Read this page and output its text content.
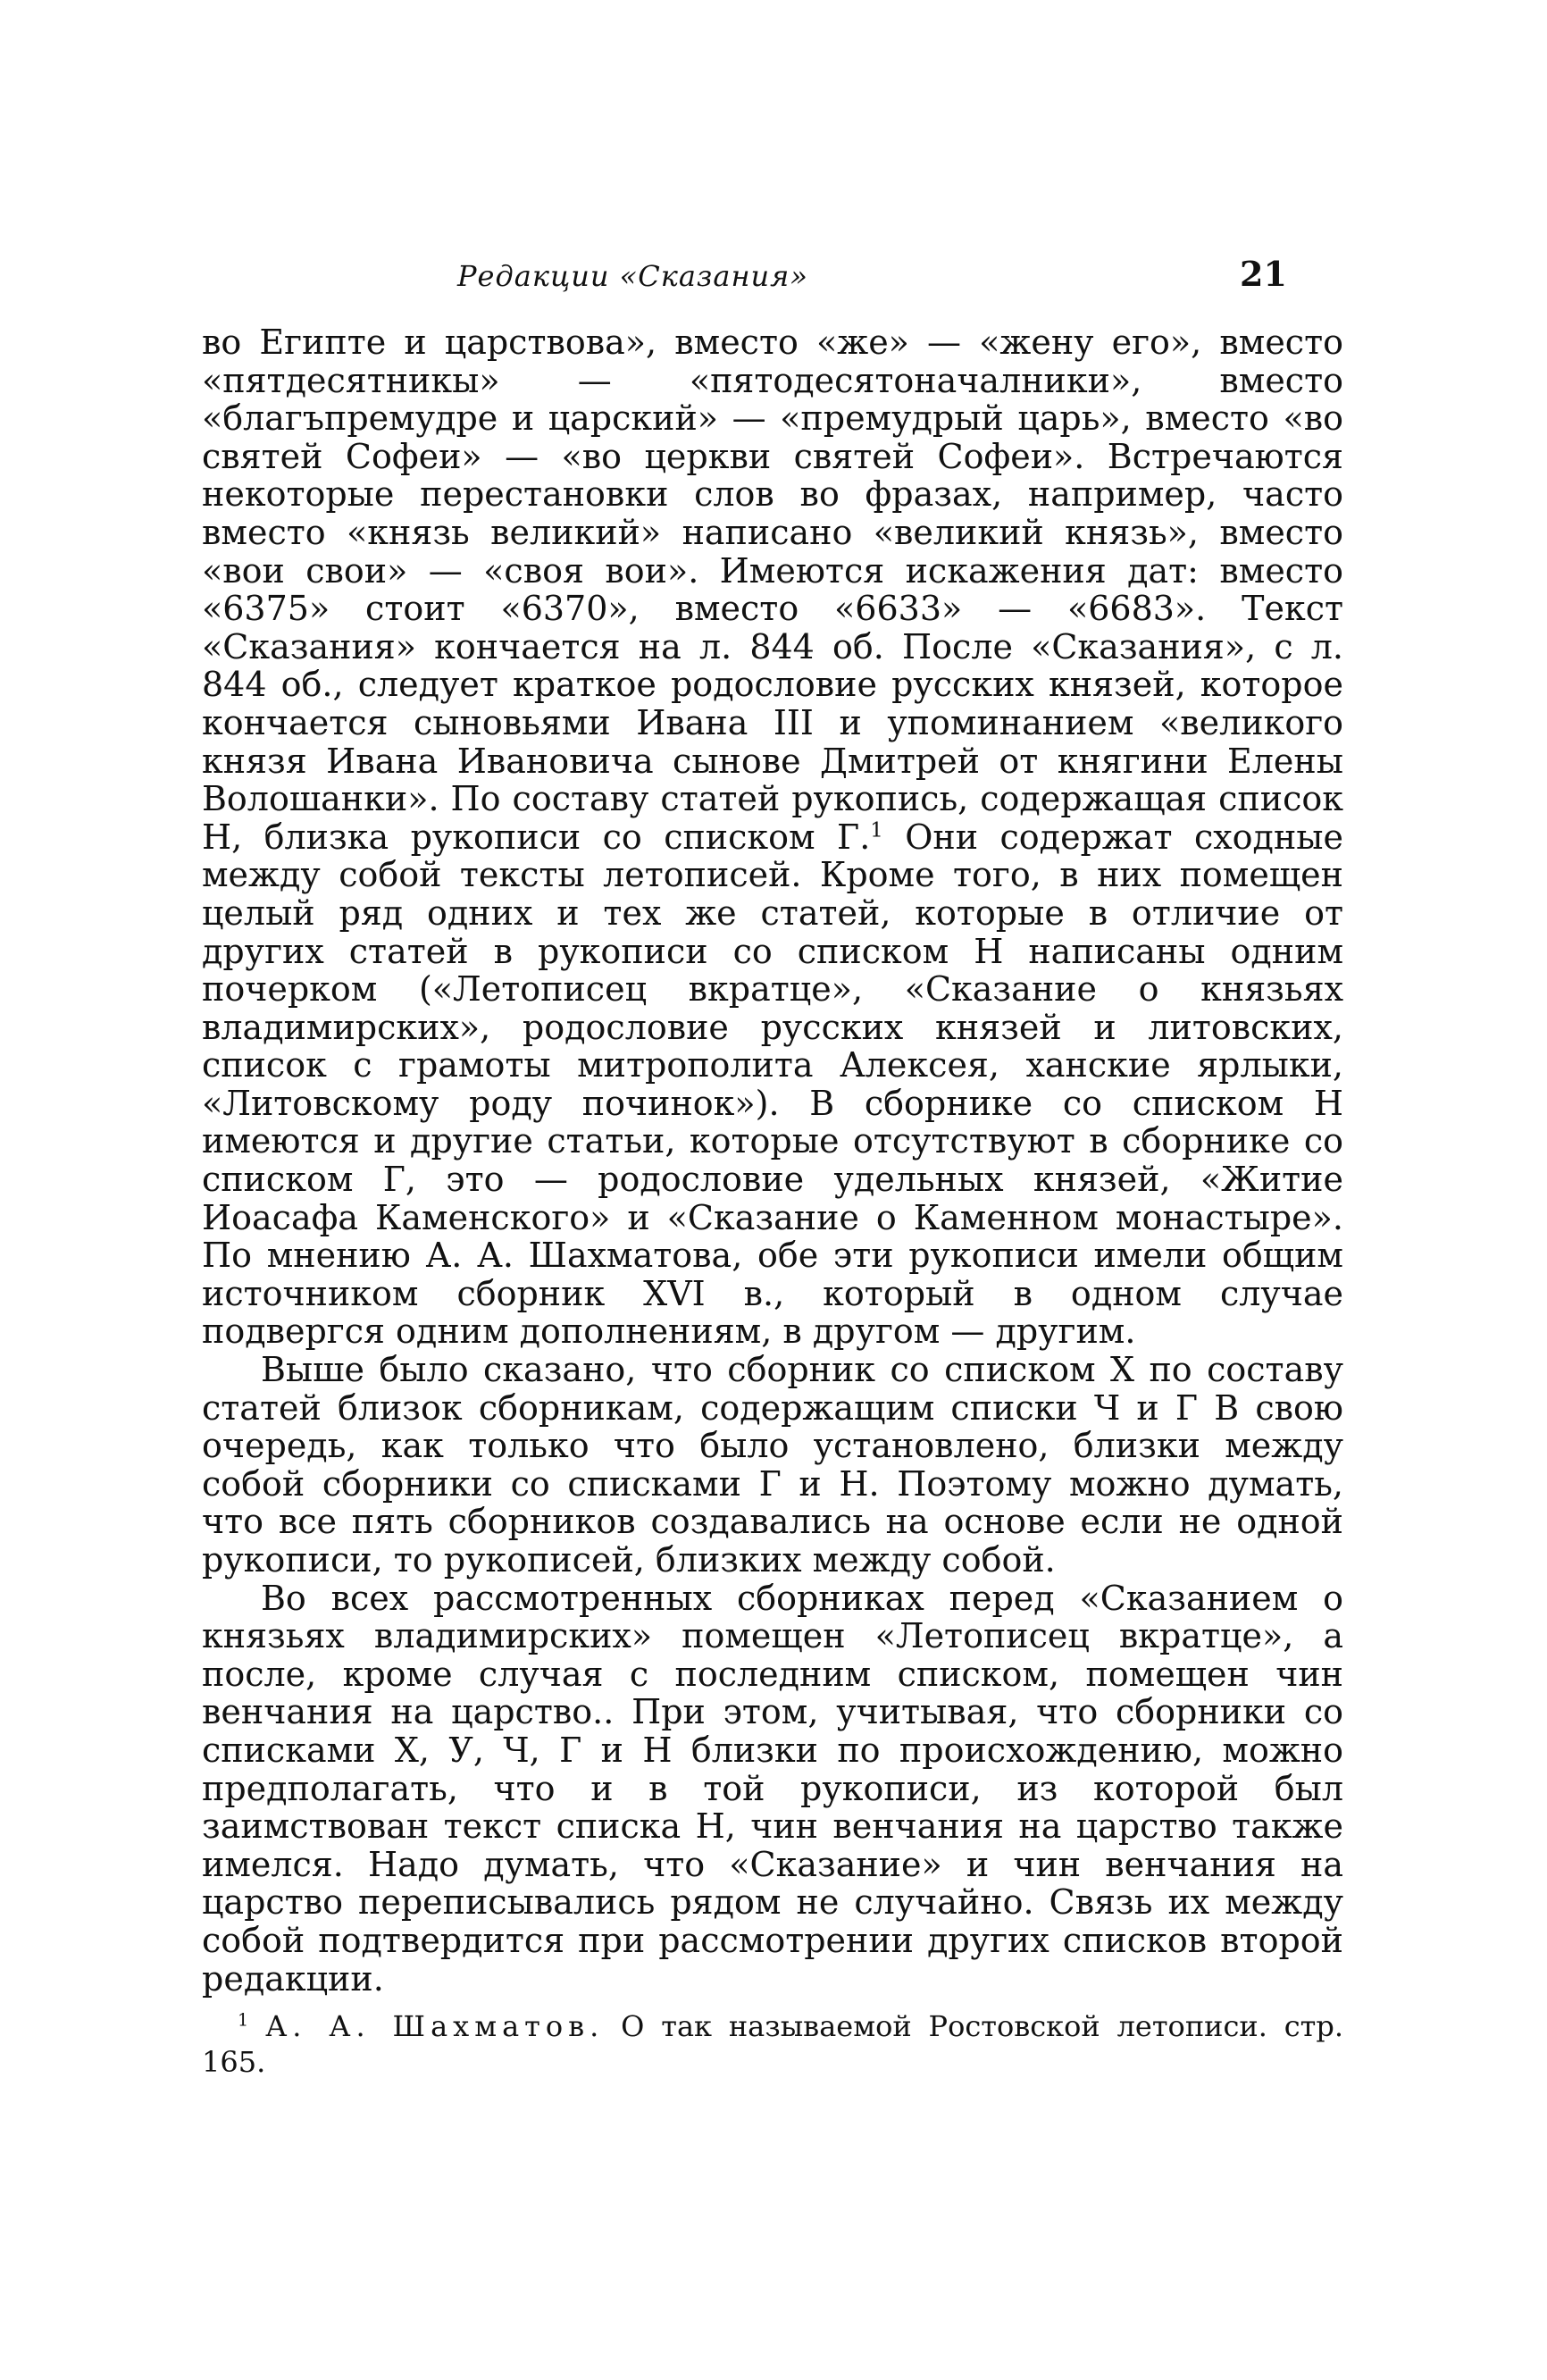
Редакции «Сказания»	21

во Египте и царствова», вместо «же» — «жену его», вместо «пятдесятникы» — «пятодесятоначалники», вместо «благъпремудре и царский» — «премудрый царь», вместо «во святей Софеи» — «во церкви святей Софеи». Встречаются некоторые перестановки слов во фразах, например, часто вместо «князь великий» написано «великий князь», вместо «вои свои» — «своя вои». Имеются искажения дат: вместо «6375» стоит «6370», вместо «6633» — «6683». Текст «Сказания» кончается на л. 844 об. После «Сказания», с л. 844 об., следует краткое родословие русских князей, которое кончается сыновьями Ивана III и упоминанием «великого князя Ивана Ивановича сынове Дмитрей от княгини Елены Волошанки». По составу статей рукопись, содержащая список Н, близка рукописи со списком Г.$^1$ Они содержат сходные между собой тексты летописей. Кроме того, в них помещен целый ряд одних и тех же статей, которые в отличие от других статей в рукописи со списком Н написаны одним почерком («Летописец вкратце», «Сказание о князьях владимирских», родословие русских князей и литовских, список с грамоты митрополита Алексея, ханские ярлыки, «Литовскому роду починок»). В сборнике со списком Н имеются и другие статьи, которые отсутствуют в сборнике со списком Г, это — родословие удельных князей, «Житие Иоасафа Каменского» и «Сказание о Каменном монастыре». По мнению А. А. Шахматова, обе эти рукописи имели общим источником сборник XVI в., который в одном случае подвергся одним дополнениям, в другом — другим.

Выше было сказано, что сборник со списком Х по составу статей близок сборникам, содержащим списки Ч и Г В свою очередь, как только что было установлено, близки между собой сборники со списками Г и Н. Поэтому можно думать, что все пять сборников создавались на основе если не одной рукописи, то рукописей, близких между собой.

Во всех рассмотренных сборниках перед «Сказанием о князьях владимирских» помещен «Летописец вкратце», а после, кроме случая с последним списком, помещен чин венчания на царство.. При этом, учитывая, что сборники со списками Х, У, Ч, Г и Н близки по происхождению, можно предполагать, что и в той рукописи, из которой был заимствован текст списка Н, чин венчания на царство также имелся. Надо думать, что «Сказание» и чин венчания на царство переписывались рядом не случайно. Связь их между собой подтвердится при рассмотрении других списков второй редакции.

$^1$ А. А. Шахматов. О так называемой Ростовской летописи. стр. 165.
